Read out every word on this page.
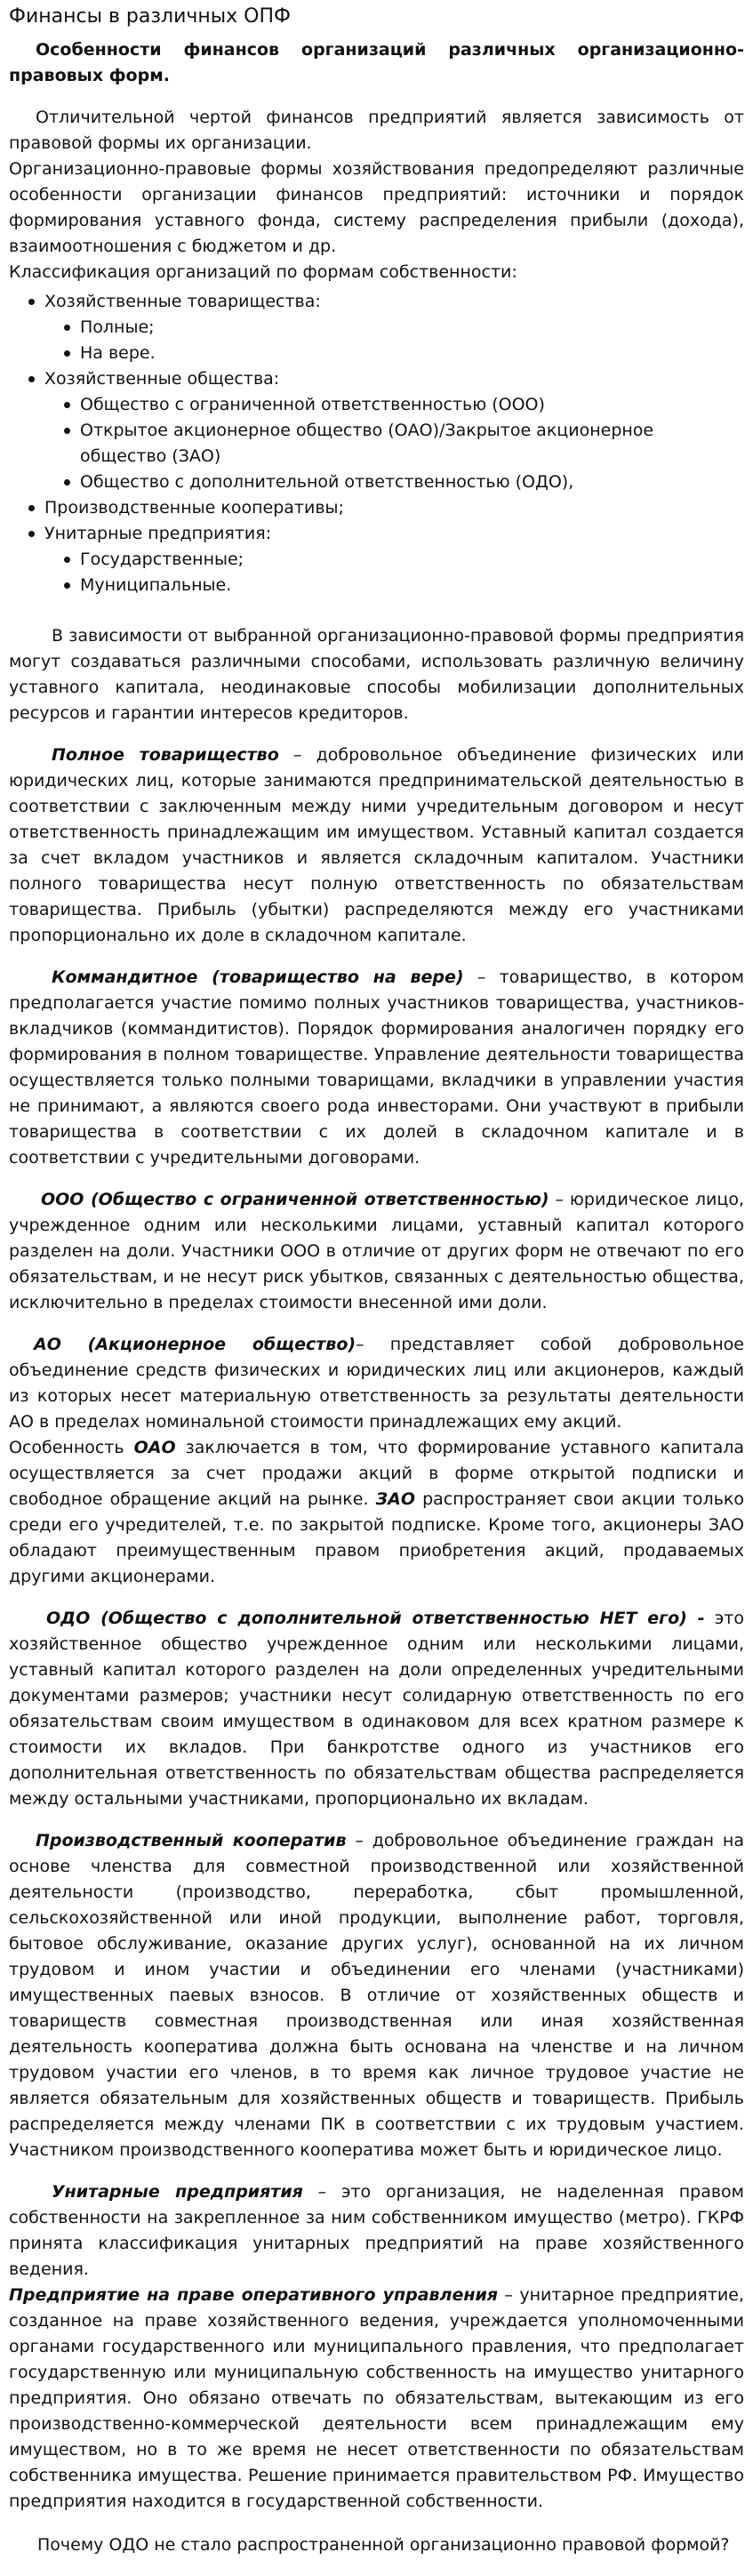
Финансы в различных ОПФ

Особенности финансов организаций различных организационно-правовых форм.

Отличительной чертой финансов предприятий является зависимость от правовой формы их организации.

Организационно-правовые формы хозяйствования предопределяют различные особенности организации финансов предприятий: источники и порядок формирования уставного фонда, систему распределения прибыли (дохода), взаимоотношения с бюджетом и др.

Классификация организаций по формам собственности:

Хозяйственные товарищества:
Полные;
На вере.
Хозяйственные общества:
Общество с ограниченной ответственностью (ООО)
Открытое акционерное общество (ОАО)/Закрытое акционерное общество (ЗАО)
Общество с дополнительной ответственностью (ОДО),
Производственные кооперативы;
Унитарные предприятия:
Государственные;
Муниципальные.

В зависимости от выбранной организационно-правовой формы предприятия могут создаваться различными способами, использовать различную величину уставного капитала, неодинаковые способы мобилизации дополнительных ресурсов и гарантии интересов кредиторов.

Полное товарищество – добровольное объединение физических или юридических лиц, которые занимаются предпринимательской деятельностью в соответствии с заключенным между ними учредительным договором и несут ответственность принадлежащим им имуществом. Уставный капитал создается за счет вкладом участников и является складочным капиталом. Участники полного товарищества несут полную ответственность по обязательствам товарищества. Прибыль (убытки) распределяются между его участниками пропорционально их доле в складочном капитале.

Коммандитное (товарищество на вере) – товарищество, в котором предполагается участие помимо полных участников товарищества, участников-вкладчиков (коммандитистов). Порядок формирования аналогичен порядку его формирования в полном товариществе. Управление деятельности товарищества осуществляется только полными товарищами, вкладчики в управлении участия не принимают, а являются своего рода инвесторами. Они участвуют в прибыли товарищества в соответствии с их долей в складочном капитале и в соответствии с учредительными договорами.

ООО (Общество с ограниченной ответственностью) – юридическое лицо, учрежденное одним или несколькими лицами, уставный капитал которого разделен на доли. Участники ООО в отличие от других форм не отвечают по его обязательствам, и не несут риск убытков, связанных с деятельностью общества, исключительно в пределах стоимости внесенной ими доли.

АО (Акционерное общество)– представляет собой добровольное объединение средств физических и юридических лиц или акционеров, каждый из которых несет материальную ответственность за результаты деятельности АО в пределах номинальной стоимости принадлежащих ему акций.

Особенность ОАО заключается в том, что формирование уставного капитала осуществляется за счет продажи акций в форме открытой подписки и свободное обращение акций на рынке. ЗАО распространяет свои акции только среди его учредителей, т.е. по закрытой подписке. Кроме того, акционеры ЗАО обладают преимущественным правом приобретения акций, продаваемых другими акционерами.

ОДО (Общество с дополнительной ответственностью НЕТ его) - это хозяйственное общество учрежденное одним или несколькими лицами, уставный капитал которого разделен на доли определенных учредительными документами размеров; участники несут солидарную ответственность по его обязательствам своим имуществом в одинаковом для всех кратном размере к стоимости их вкладов. При банкротстве одного из участников его дополнительная ответственность по обязательствам общества распределяется между остальными участниками, пропорционально их вкладам.

Производственный кооператив – добровольное объединение граждан на основе членства для совместной производственной или хозяйственной деятельности (производство, переработка, сбыт промышленной, сельскохозяйственной или иной продукции, выполнение работ, торговля, бытовое обслуживание, оказание других услуг), основанной на их личном трудовом и ином участии и объединении его членами (участниками) имущественных паевых взносов. В отличие от хозяйственных обществ и товариществ совместная производственная или иная хозяйственная деятельность кооператива должна быть основана на членстве и на личном трудовом участии его членов, в то время как личное трудовое участие не является обязательным для хозяйственных обществ и товариществ. Прибыль распределяется между членами ПК в соответствии с их трудовым участием. Участником производственного кооператива может быть и юридическое лицо.

Унитарные предприятия – это организация, не наделенная правом собственности на закрепленное за ним собственником имущество (метро). ГКРФ принята классификация унитарных предприятий на праве хозяйственного ведения.

Предприятие на праве оперативного управления – унитарное предприятие, созданное на праве хозяйственного ведения, учреждается уполномоченными органами государственного или муниципального правления, что предполагает государственную или муниципальную собственность на имущество унитарного предприятия. Оно обязано отвечать по обязательствам, вытекающим из его производственно-коммерческой деятельности всем принадлежащим ему имуществом, но в то же время не несет ответственности по обязательствам собственника имущества. Решение принимается правительством РФ. Имущество предприятия находится в государственной собственности.

Почему ОДО не стало распространенной организационно правовой формой?
